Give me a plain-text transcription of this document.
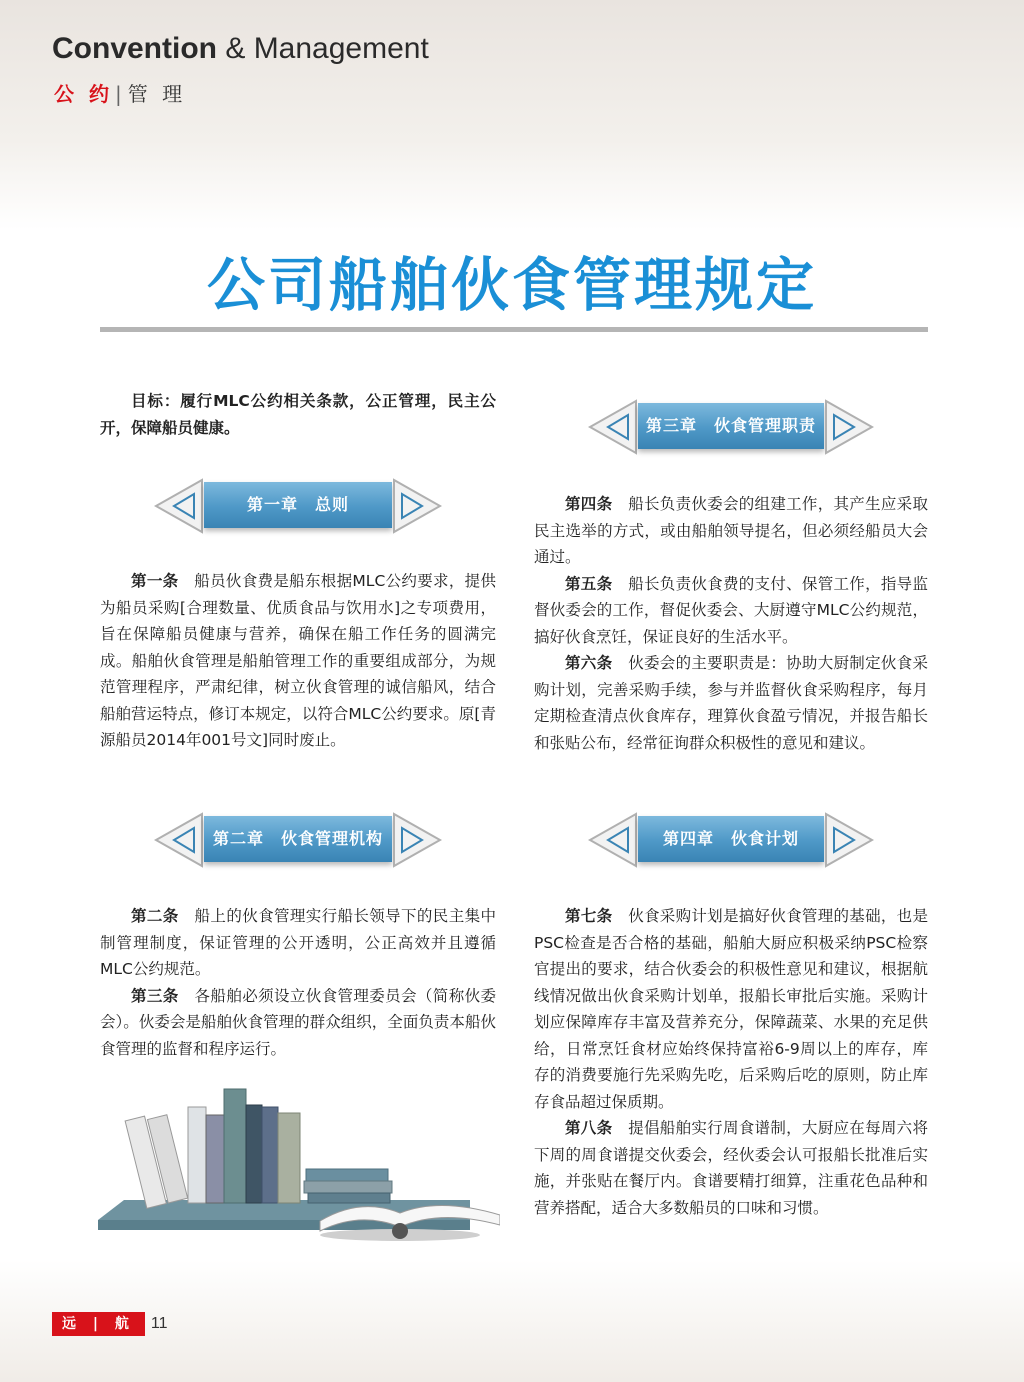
Convention & Management
公 约 | 管 理
公司船舶伙食管理规定

目标：履行MLC公约相关条款，公正管理，民主公开，保障船员健康。

第一章　总则

第一条　 船员伙食费是船东根据MLC公约要求，提供为船员采购[合理数量、优质食品与饮用水]之专项费用，旨在保障船员健康与营养，确保在船工作任务的圆满完成。船舶伙食管理是船舶管理工作的重要组成部分，为规范管理程序，严肃纪律，树立伙食管理的诚信船风，结合船舶营运特点，修订本规定，以符合MLC公约要求。原[青源船员2014年001号文]同时废止。

第二章　伙食管理机构

第二条　 船上的伙食管理实行船长领导下的民主集中制管理制度，保证管理的公开透明，公正高效并且遵循MLC公约规范。

第三条　 各船舶必须设立伙食管理委员会（简称伙委会）。伙委会是船舶伙食管理的群众组织，全面负责本船伙食管理的监督和程序运行。

第三章　伙食管理职责

第四条　 船长负责伙委会的组建工作，其产生应采取民主选举的方式，或由船舶领导提名，但必须经船员大会通过。

第五条　 船长负责伙食费的支付、保管工作，指导监督伙委会的工作，督促伙委会、大厨遵守MLC公约规范，搞好伙食烹饪，保证良好的生活水平。

第六条　 伙委会的主要职责是：协助大厨制定伙食采购计划，完善采购手续，参与并监督伙食采购程序，每月定期检查清点伙食库存，理算伙食盈亏情况，并报告船长和张贴公布，经常征询群众积极性的意见和建议。

第四章　伙食计划

第七条　 伙食采购计划是搞好伙食管理的基础，也是PSC检查是否合格的基础，船舶大厨应积极采纳PSC检察官提出的要求，结合伙委会的积极性意见和建议，根据航线情况做出伙食采购计划单，报船长审批后实施。采购计划应保障库存丰富及营养充分，保障蔬菜、水果的充足供给，日常烹饪食材应始终保持富裕6-9周以上的库存，库存的消费要施行先采购先吃，后采购后吃的原则，防止库存食品超过保质期。

第八条　 提倡船舶实行周食谱制，大厨应在每周六将下周的周食谱提交伙委会，经伙委会认可报船长批准后实施，并张贴在餐厅内。食谱要精打细算，注重花色品种和营养搭配，适合大多数船员的口味和习惯。

远 | 航 11
